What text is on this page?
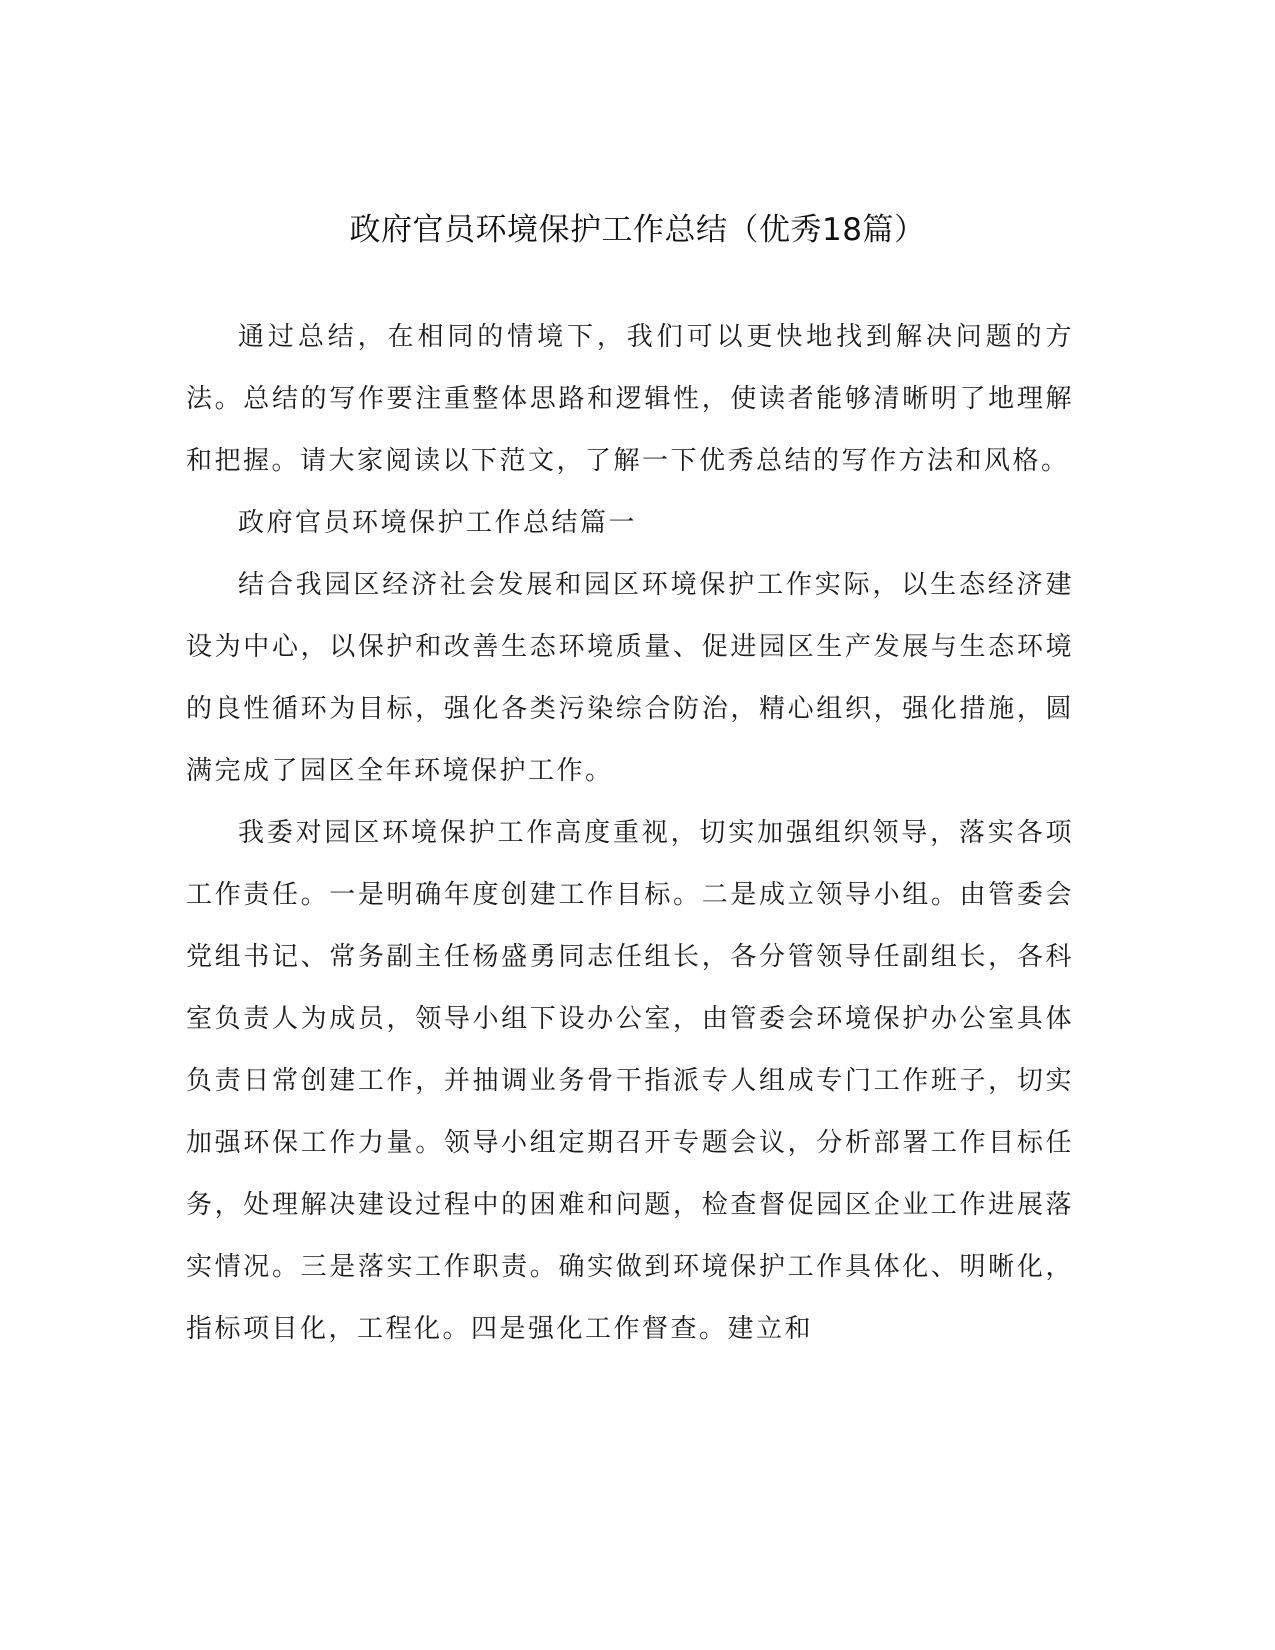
政府官员环境保护工作总结（优秀18篇）

通过总结，在相同的情境下，我们可以更快地找到解决问题的方法。总结的写作要注重整体思路和逻辑性，使读者能够清晰明了地理解和把握。请大家阅读以下范文，了解一下优秀总结的写作方法和风格。

政府官员环境保护工作总结篇一

结合我园区经济社会发展和园区环境保护工作实际，以生态经济建设为中心，以保护和改善生态环境质量、促进园区生产发展与生态环境的良性循环为目标，强化各类污染综合防治，精心组织，强化措施，圆满完成了园区全年环境保护工作。

我委对园区环境保护工作高度重视，切实加强组织领导，落实各项工作责任。一是明确年度创建工作目标。二是成立领导小组。由管委会党组书记、常务副主任杨盛勇同志任组长，各分管领导任副组长，各科室负责人为成员，领导小组下设办公室，由管委会环境保护办公室具体负责日常创建工作，并抽调业务骨干指派专人组成专门工作班子，切实加强环保工作力量。领导小组定期召开专题会议，分析部署工作目标任务，处理解决建设过程中的困难和问题，检查督促园区企业工作进展落实情况。三是落实工作职责。确实做到环境保护工作具体化、明晰化，指标项目化，工程化。四是强化工作督查。建立和
